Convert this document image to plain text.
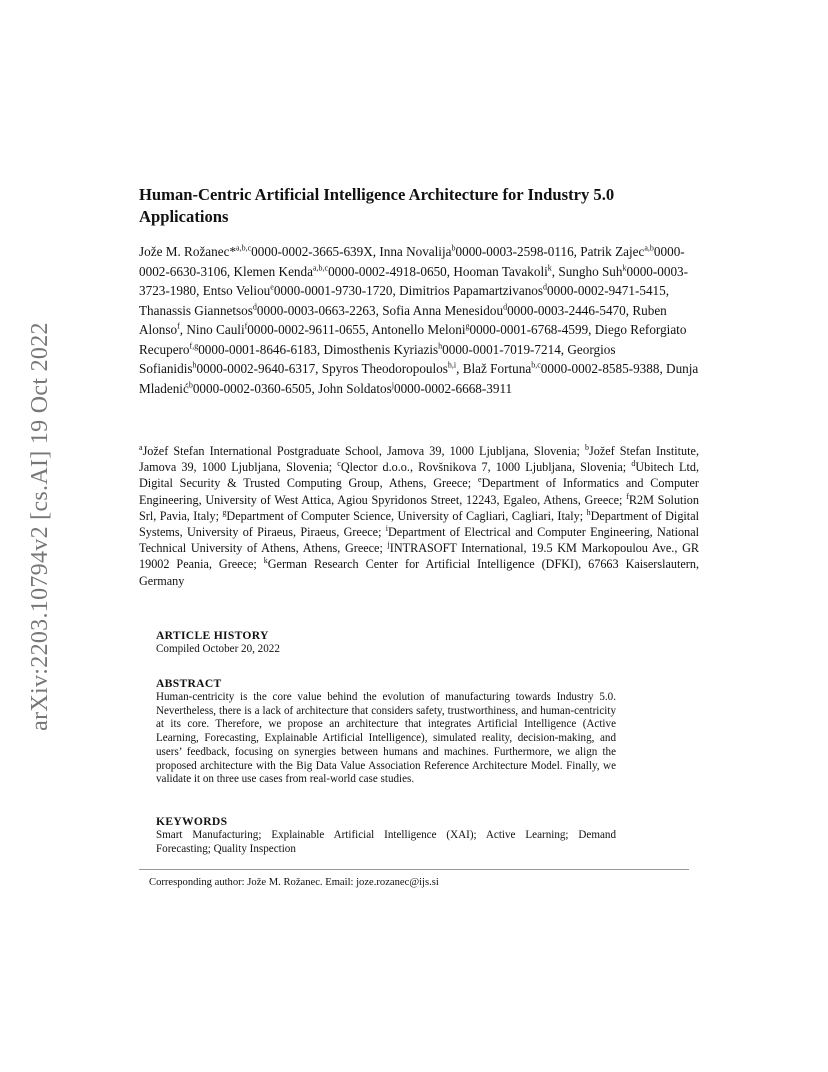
arXiv:2203.10794v2 [cs.AI] 19 Oct 2022
Human-Centric Artificial Intelligence Architecture for Industry 5.0 Applications
Jože M. Rožanec*$^{a,b,c}$0000-0002-3665-639X, Inna Novalija$^b$0000-0003-2598-0116, Patrik Zajec$^{a,b}$0000-0002-6630-3106, Klemen Kenda$^{a,b,c}$0000-0002-4918-0650, Hooman Tavakoli$^k$, Sungho Suh$^k$0000-0003-3723-1980, Entso Veliou$^e$0000-0001-9730-1720, Dimitrios Papamartzivanos$^d$0000-0002-9471-5415, Thanassis Giannetsos$^d$0000-0003-0663-2263, Sofia Anna Menesidou$^d$0000-0003-2446-5470, Ruben Alonso$^f$, Nino Cauli$^f$0000-0002-9611-0655, Antonello Meloni$^g$0000-0001-6768-4599, Diego Reforgiato Recupero$^{f,g}$0000-0001-8646-6183, Dimosthenis Kyriazis$^h$0000-0001-7019-7214, Georgios Sofianidis$^h$0000-0002-9640-6317, Spyros Theodoropoulos$^{h,i}$, Blaž Fortuna$^{b,c}$0000-0002-8585-9388, Dunja Mladenić$^b$0000-0002-0360-6505, John Soldatos$^j$0000-0002-6668-3911
$^a$Jožef Stefan International Postgraduate School, Jamova 39, 1000 Ljubljana, Slovenia; $^b$Jožef Stefan Institute, Jamova 39, 1000 Ljubljana, Slovenia; $^c$Qlector d.o.o., Rovšnikova 7, 1000 Ljubljana, Slovenia; $^d$Ubitech Ltd, Digital Security & Trusted Computing Group, Athens, Greece; $^e$Department of Informatics and Computer Engineering, University of West Attica, Agiou Spyridonos Street, 12243, Egaleo, Athens, Greece; $^f$R2M Solution Srl, Pavia, Italy; $^g$Department of Computer Science, University of Cagliari, Cagliari, Italy; $^h$Department of Digital Systems, University of Piraeus, Piraeus, Greece; $^i$Department of Electrical and Computer Engineering, National Technical University of Athens, Athens, Greece; $^j$INTRASOFT International, 19.5 KM Markopoulou Ave., GR 19002 Peania, Greece; $^k$German Research Center for Artificial Intelligence (DFKI), 67663 Kaiserslautern, Germany

ARTICLE HISTORY

Compiled October 20, 2022

ABSTRACT

Human-centricity is the core value behind the evolution of manufacturing towards Industry 5.0. Nevertheless, there is a lack of architecture that considers safety, trustworthiness, and human-centricity at its core. Therefore, we propose an architecture that integrates Artificial Intelligence (Active Learning, Forecasting, Explainable Artificial Intelligence), simulated reality, decision-making, and users’ feedback, focusing on synergies between humans and machines. Furthermore, we align the proposed architecture with the Big Data Value Association Reference Architecture Model. Finally, we validate it on three use cases from real-world case studies.

KEYWORDS

Smart Manufacturing; Explainable Artificial Intelligence (XAI); Active Learning; Demand Forecasting; Quality Inspection

Corresponding author: Jože M. Rožanec. Email: joze.rozanec@ijs.si
